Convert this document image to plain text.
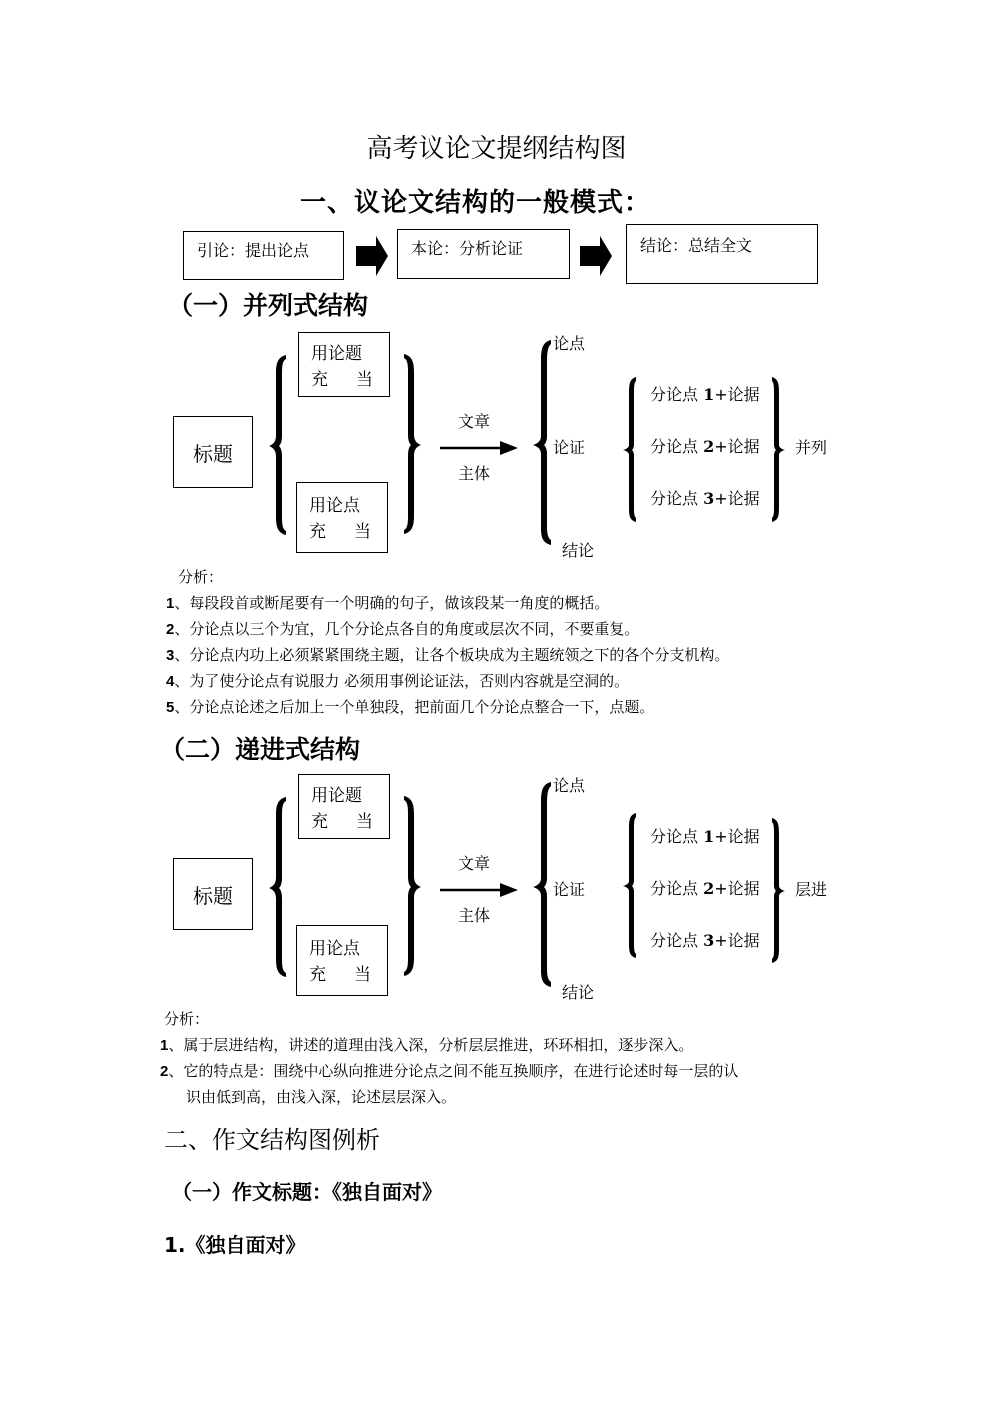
高考议论文提纲结构图
一、议论文结构的一般模式：
引论：提出论点	本论：分析论证	结论：总结全文
（一）并列式结构
标题
用论题
充 当
用论点
充 当
文章
主体
论点
论证
结论
分论点 1+论据
分论点 2+论据
分论点 3+论据
并列
分析：
1、每段段首或断尾要有一个明确的句子，做该段某一角度的概括。
2、分论点以三个为宜，几个分论点各自的角度或层次不同，不要重复。
3、分论点内功上必须紧紧围绕主题，让各个板块成为主题统领之下的各个分支机构。
4、为了使分论点有说服力 必须用事例论证法，否则内容就是空洞的。
5、分论点论述之后加上一个单独段，把前面几个分论点整合一下，点题。
（二）递进式结构
标题
用论题
充 当
用论点
充 当
文章
主体
论点
论证
结论
分论点 1+论据
分论点 2+论据
分论点 3+论据
层进
分析：
1、属于层进结构，讲述的道理由浅入深，分析层层推进，环环相扣，逐步深入。
2、它的特点是：围绕中心纵向推进分论点之间不能互换顺序，在进行论述时每一层的认
识由低到高，由浅入深，论述层层深入。
二、作文结构图例析
（一）作文标题：《独自面对》
1.《独自面对》
